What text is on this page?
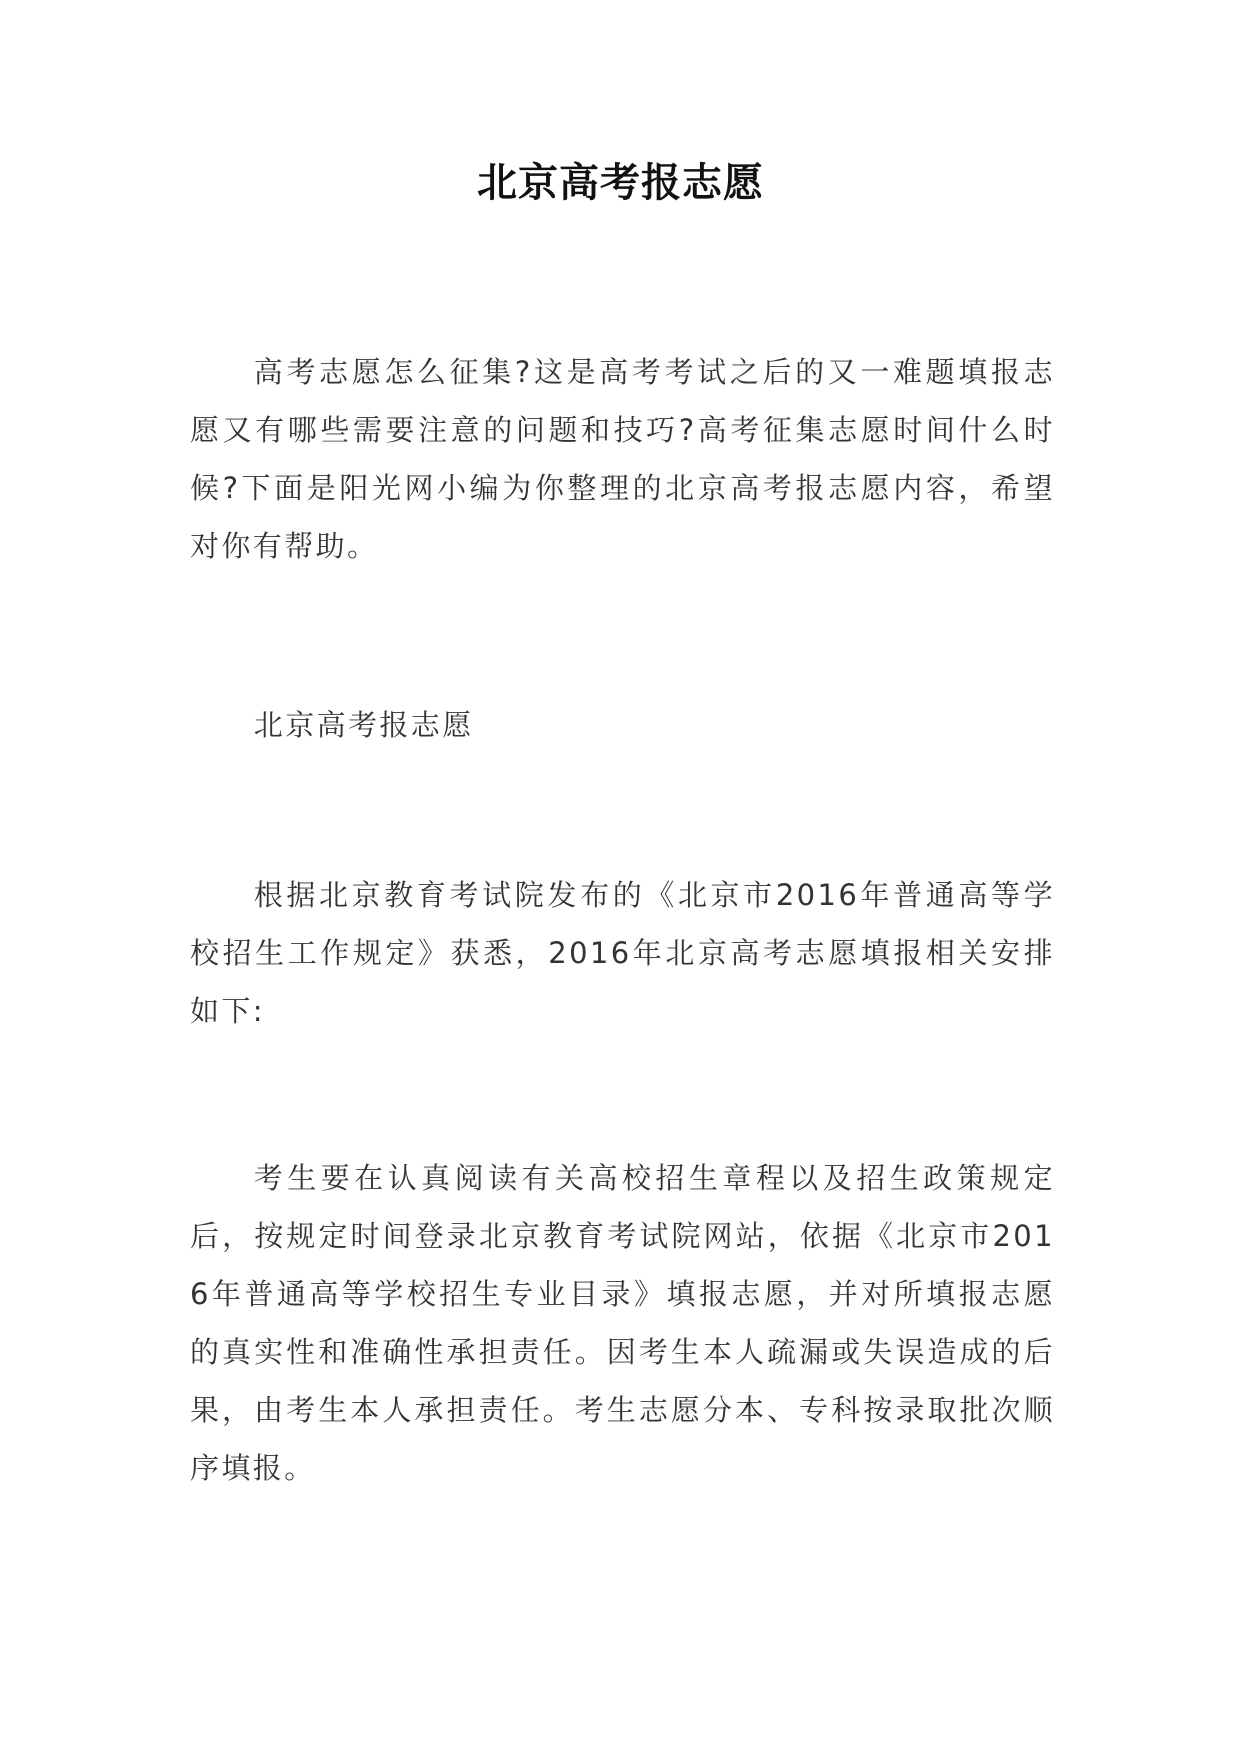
北京高考报志愿

高考志愿怎么征集?这是高考考试之后的又一难题填报志愿又有哪些需要注意的问题和技巧?高考征集志愿时间什么时候?下面是阳光网小编为你整理的北京高考报志愿内容，希望对你有帮助。

北京高考报志愿

根据北京教育考试院发布的《北京市2016年普通高等学校招生工作规定》获悉，2016年北京高考志愿填报相关安排如下:

考生要在认真阅读有关高校招生章程以及招生政策规定后，按规定时间登录北京教育考试院网站，依据《北京市2016年普通高等学校招生专业目录》填报志愿，并对所填报志愿的真实性和准确性承担责任。因考生本人疏漏或失误造成的后果，由考生本人承担责任。考生志愿分本、专科按录取批次顺序填报。
